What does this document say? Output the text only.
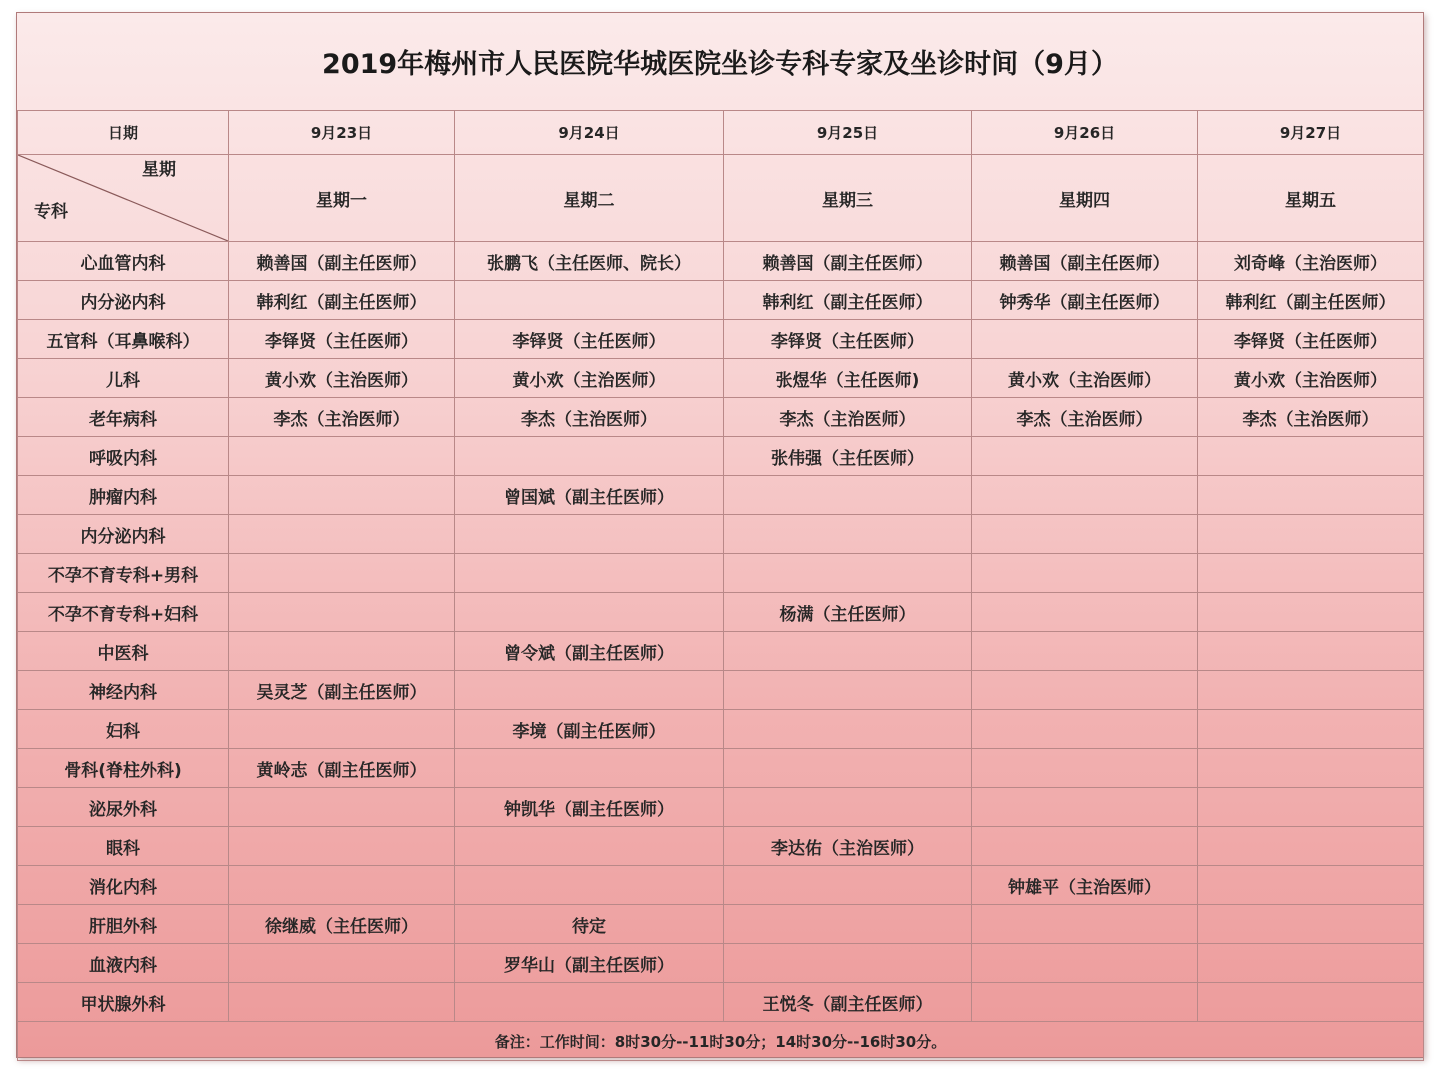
2019年梅州市人民医院华城医院坐诊专科专家及坐诊时间（9月）
日期	9月23日	9月24日	9月25日	9月26日	9月27日

星期
专科	星期一	星期二	星期三	星期四	星期五
心血管内科	赖善国（副主任医师）	张鹏飞（主任医师、院长）	赖善国（副主任医师）	赖善国（副主任医师）	刘奇峰（主治医师）
内分泌内科	韩利红（副主任医师）		韩利红（副主任医师）	钟秀华（副主任医师）	韩利红（副主任医师）
五官科（耳鼻喉科）	李铎贤（主任医师）	李铎贤（主任医师）	李铎贤（主任医师）		李铎贤（主任医师）
儿科	黄小欢（主治医师）	黄小欢（主治医师）	张煜华（主任医师)	黄小欢（主治医师）	黄小欢（主治医师）
老年病科	李杰（主治医师）	李杰（主治医师）	李杰（主治医师）	李杰（主治医师）	李杰（主治医师）
呼吸内科			张伟强（主任医师）		
肿瘤内科		曾国斌（副主任医师）			
内分泌内科					
不孕不育专科+男科					
不孕不育专科+妇科			杨满（主任医师）		
中医科		曾令斌（副主任医师）			
神经内科	吴灵芝（副主任医师）				
妇科		李境（副主任医师）			
骨科(脊柱外科)	黄岭志（副主任医师）				
泌尿外科		钟凯华（副主任医师）			
眼科			李达佑（主治医师）		
消化内科				钟雄平（主治医师）	
肝胆外科	徐继威（主任医师）	待定			
血液内科		罗华山（副主任医师）			
甲状腺外科			王悦冬（副主任医师）		
备注：工作时间：8时30分--11时30分；14时30分--16时30分。					
